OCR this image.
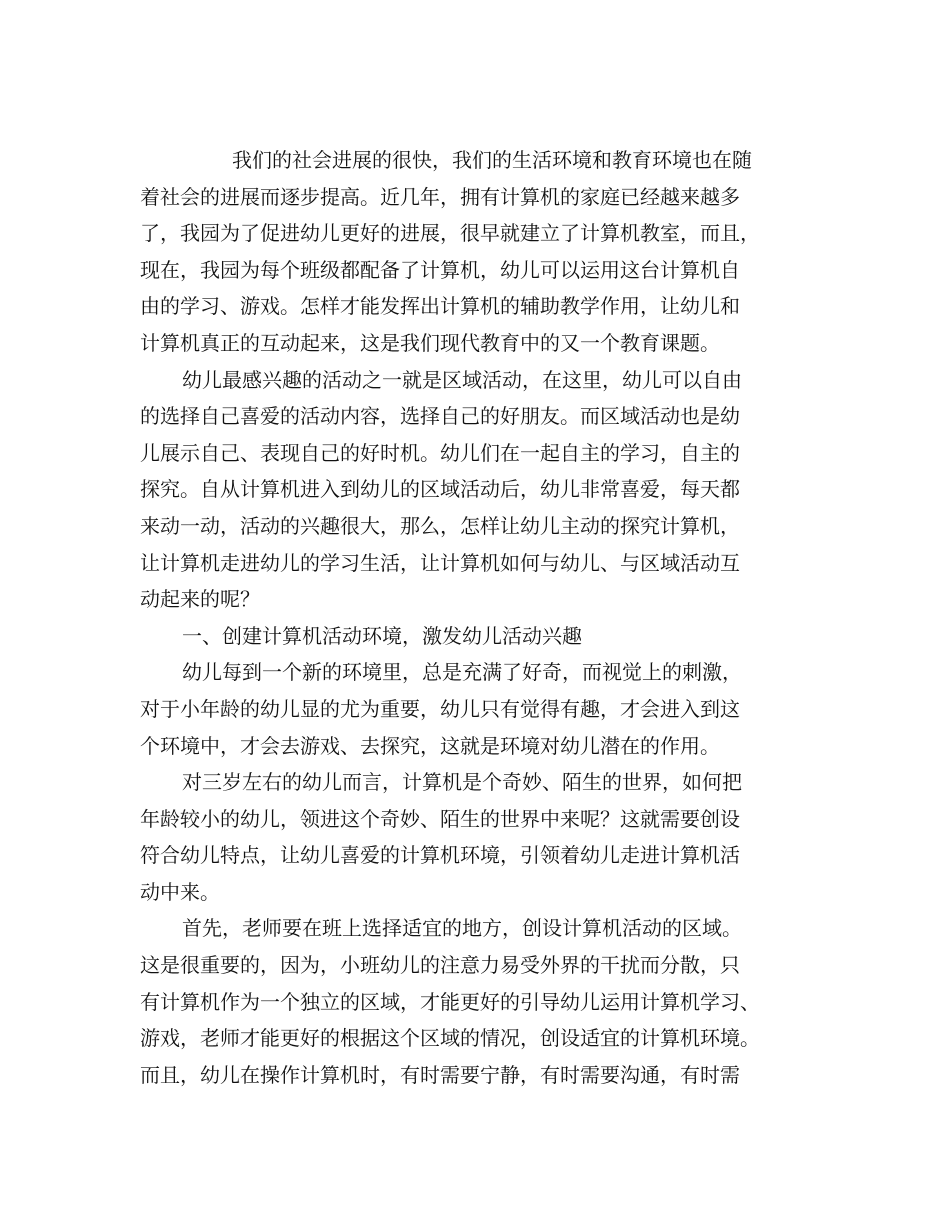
我们的社会进展的很快，我们的生活环境和教育环境也在随
着社会的进展而逐步提高。近几年，拥有计算机的家庭已经越来越多
了，我园为了促进幼儿更好的进展，很早就建立了计算机教室，而且，
现在，我园为每个班级都配备了计算机，幼儿可以运用这台计算机自
由的学习、游戏。怎样才能发挥出计算机的辅助教学作用，让幼儿和
计算机真正的互动起来，这是我们现代教育中的又一个教育课题。
幼儿最感兴趣的活动之一就是区域活动，在这里，幼儿可以自由
的选择自己喜爱的活动内容，选择自己的好朋友。而区域活动也是幼
儿展示自己、表现自己的好时机。幼儿们在一起自主的学习，自主的
探究。自从计算机进入到幼儿的区域活动后，幼儿非常喜爱，每天都
来动一动，活动的兴趣很大，那么，怎样让幼儿主动的探究计算机，
让计算机走进幼儿的学习生活，让计算机如何与幼儿、与区域活动互
动起来的呢？
一、创建计算机活动环境，激发幼儿活动兴趣
幼儿每到一个新的环境里，总是充满了好奇，而视觉上的刺激，
对于小年龄的幼儿显的尤为重要，幼儿只有觉得有趣，才会进入到这
个环境中，才会去游戏、去探究，这就是环境对幼儿潜在的作用。
对三岁左右的幼儿而言，计算机是个奇妙、陌生的世界，如何把
年龄较小的幼儿，领进这个奇妙、陌生的世界中来呢？这就需要创设
符合幼儿特点，让幼儿喜爱的计算机环境，引领着幼儿走进计算机活
动中来。
首先，老师要在班上选择适宜的地方，创设计算机活动的区域。
这是很重要的，因为，小班幼儿的注意力易受外界的干扰而分散，只
有计算机作为一个独立的区域，才能更好的引导幼儿运用计算机学习、
游戏，老师才能更好的根据这个区域的情况，创设适宜的计算机环境。
而且，幼儿在操作计算机时，有时需要宁静，有时需要沟通，有时需
